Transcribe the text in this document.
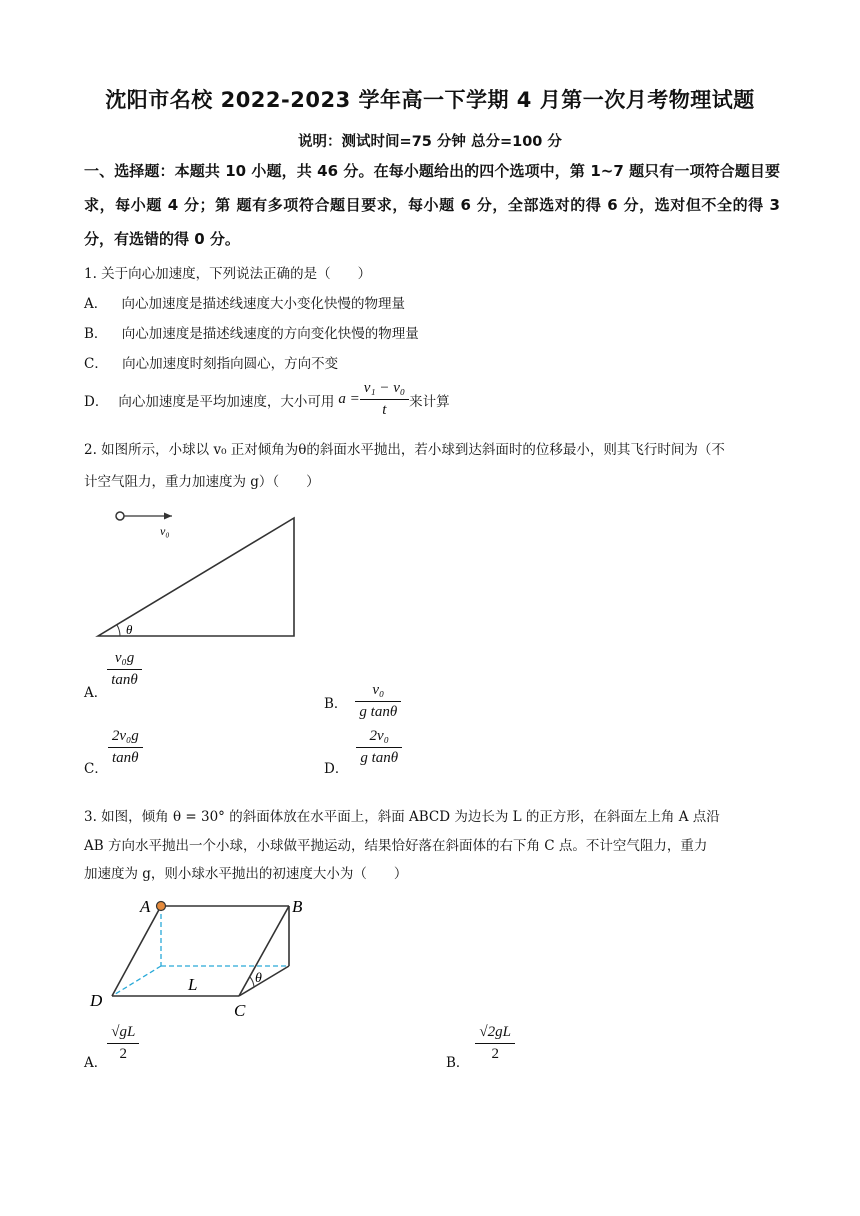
沈阳市名校 2022-2023 学年高一下学期 4 月第一次月考物理试题
说明：测试时间=75 分钟 总分=100 分
一、选择题：本题共 10 小题，共 46 分。在每小题给出的四个选项中，第 1~7 题只有一项符合题目要求，每小题 4 分；第 题有多项符合题目要求，每小题 6 分，全部选对的得 6 分，选对但不全的得 3 分，有选错的得 0 分。
1. 关于向心加速度，下列说法正确的是（　　）
A． 向心加速度是描述线速度大小变化快慢的物理量
B． 向心加速度是描述线速度的方向变化快慢的物理量
C． 向心加速度时刻指向圆心，方向不变
D． 向心加速度是平均加速度，大小可用 $a = \frac{\text{v₁ − v₀}}{t}$ 来计算
2. 如图所示，小球以 v₀ 正对倾角为θ的斜面水平抛出，若小球到达斜面时的位移最小，则其飞行时间为（不
计空气阻力，重力加速度为 g）（　　）
v₀
θ
A．
$\frac{\text{v₀g}}{\tan\theta}$
B． $\frac{\text{v₀}}{\text{g tanθ}}$
C．
$\frac{\text{2v₀g}}{\tan\theta}$
D．
$\frac{\text{2v₀}}{\text{g tanθ}}$
3. 如图，倾角 θ = 30° 的斜面体放在水平面上，斜面 ABCD 为边长为 L 的正方形，在斜面左上角 A 点沿
AB 方向水平抛出一个小球，小球做平抛运动，结果恰好落在斜面体的右下角 C 点。不计空气阻力，重力
加速度为 g，则小球水平抛出的初速度大小为（　　）
A	B
C
D
L	θ
A． $\frac{√gL}{2}$	B． $\frac{√2gL}{2}$
